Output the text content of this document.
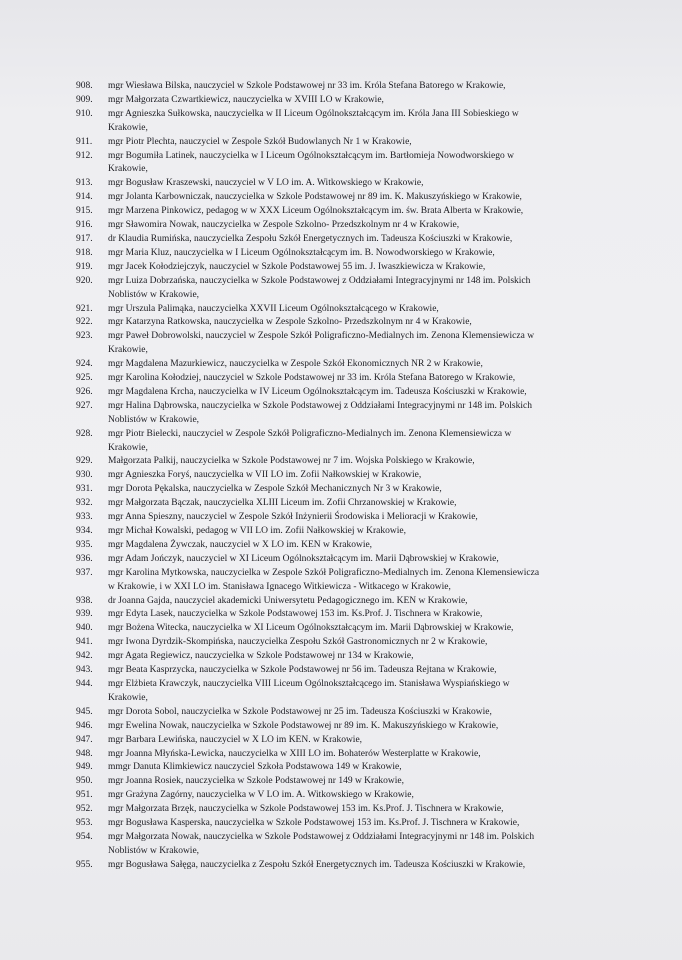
908.	mgr Wiesława Bilska, nauczyciel w Szkole Podstawowej nr 33 im. Króla Stefana Batorego w Krakowie,
909.	mgr Małgorzata Czwartkiewicz, nauczycielka w XVIII LO w Krakowie,
910.	mgr Agnieszka Sułkowska, nauczycielka w II Liceum Ogólnokształcącym im. Króla Jana III Sobieskiego w
Krakowie,
911.	mgr Piotr Plechta, nauczyciel w Zespole Szkół Budowlanych Nr 1 w Krakowie,
912.	mgr Bogumiła Latinek, nauczycielka w I Liceum Ogólnokształcącym im. Bartłomieja Nowodworskiego w
Krakowie,
913.	mgr Bogusław Kraszewski, nauczyciel w V LO im. A. Witkowskiego w Krakowie,
914.	mgr Jolanta Karbowniczak, nauczycielka w Szkole Podstawowej nr 89 im. K. Makuszyńskiego w Krakowie,
915.	mgr Marzena Pinkowicz, pedagog w w XXX Liceum Ogólnokształcącym im. św. Brata Alberta w Krakowie,
916.	mgr Sławomira Nowak, nauczycielka w Zespole Szkolno- Przedszkolnym nr 4 w Krakowie,
917.	dr Klaudia Rumińska, nauczycielka Zespołu Szkół Energetycznych im. Tadeusza Kościuszki w Krakowie,
918.	mgr Maria Kluz, nauczycielka w I Liceum Ogólnokształcącym im. B. Nowodworskiego w Krakowie,
919.	mgr Jacek Kołodziejczyk, nauczyciel w Szkole Podstawowej 55 im. J. Iwaszkiewicza w Krakowie,
920.	mgr Luiza Dobrzańska, nauczycielka w Szkole Podstawowej z Oddziałami Integracyjnymi nr 148 im. Polskich
Noblistów w Krakowie,
921.	mgr Urszula Palimąka, nauczycielka XXVII Liceum Ogólnokształcącego w Krakowie,
922.	mgr Katarzyna Ratkowska, nauczycielka w Zespole Szkolno- Przedszkolnym nr 4 w Krakowie,
923.	mgr Paweł Dobrowolski, nauczyciel w Zespole Szkół Poligraficzno-Medialnych im. Zenona Klemensiewicza w
Krakowie,
924.	mgr Magdalena Mazurkiewicz, nauczycielka w Zespole Szkół Ekonomicznych NR 2 w Krakowie,
925.	mgr Karolina Kołodziej, nauczyciel w Szkole Podstawowej nr 33 im. Króla Stefana Batorego w Krakowie,
926.	mgr Magdalena Krcha, nauczycielka w IV Liceum Ogólnokształcącym im. Tadeusza Kościuszki w Krakowie,
927.	mgr Halina Dąbrowska, nauczycielka w Szkole Podstawowej z Oddziałami Integracyjnymi nr 148 im. Polskich
Noblistów w Krakowie,
928.	mgr Piotr Bielecki, nauczyciel w Zespole Szkół Poligraficzno-Medialnych im. Zenona Klemensiewicza w
Krakowie,
929.	Małgorzata Palkij, nauczycielka w Szkole Podstawowej nr 7 im. Wojska Polskiego w Krakowie,
930.	mgr Agnieszka Foryś, nauczycielka w VII LO im. Zofii Nałkowskiej w Krakowie,
931.	mgr Dorota Pękalska, nauczycielka w Zespole Szkół Mechanicznych Nr 3 w Krakowie,
932.	mgr Małgorzata Bączak, nauczycielka XLIII Liceum im. Zofii Chrzanowskiej w Krakowie,
933.	mgr Anna Spieszny, nauczyciel w Zespole Szkół Inżynierii Środowiska i Melioracji w Krakowie,
934.	mgr Michał Kowalski, pedagog w VII LO im. Zofii Nałkowskiej w Krakowie,
935.	mgr Magdalena Żywczak, nauczyciel w X LO im. KEN w Krakowie,
936.	mgr Adam Jończyk, nauczyciel w XI Liceum Ogólnokształcącym im. Marii Dąbrowskiej w Krakowie,
937.	mgr Karolina Mytkowska, nauczycielka w Zespole Szkół Poligraficzno-Medialnych im. Zenona Klemensiewicza
w Krakowie, i w XXI LO im. Stanisława Ignacego Witkiewicza - Witkacego w Krakowie,
938.	dr Joanna Gajda, nauczyciel akademicki Uniwersytetu Pedagogicznego im. KEN w Krakowie,
939.	mgr Edyta Lasek, nauczycielka w Szkole Podstawowej 153 im. Ks.Prof. J. Tischnera w Krakowie,
940.	mgr Bożena Witecka, nauczycielka w XI Liceum Ogólnokształcącym im. Marii Dąbrowskiej w Krakowie,
941.	mgr Iwona Dyrdzik-Skompińska, nauczycielka Zespołu Szkół Gastronomicznych nr 2 w Krakowie,
942.	mgr Agata Regiewicz, nauczycielka w Szkole Podstawowej nr 134 w Krakowie,
943.	mgr Beata Kasprzycka, nauczycielka w Szkole Podstawowej nr 56 im. Tadeusza Rejtana w Krakowie,
944.	mgr Elżbieta Krawczyk, nauczycielka VIII Liceum Ogólnokształcącego im. Stanisława Wyspiańskiego w
Krakowie,
945.	mgr Dorota Sobol, nauczycielka w Szkole Podstawowej nr 25 im. Tadeusza Kościuszki w Krakowie,
946.	mgr Ewelina Nowak, nauczycielka w Szkole Podstawowej nr 89 im. K. Makuszyńskiego w Krakowie,
947.	mgr Barbara Lewińska, nauczyciel w X LO im KEN. w Krakowie,
948.	mgr Joanna Młyńska-Lewicka, nauczycielka w XIII LO im. Bohaterów Westerplatte w Krakowie,
949.	mmgr Danuta Klimkiewicz nauczyciel Szkoła Podstawowa 149 w Krakowie,
950.	mgr Joanna Rosiek, nauczycielka w Szkole Podstawowej nr 149 w Krakowie,
951.	mgr Grażyna Zagórny, nauczycielka w V LO im. A. Witkowskiego w Krakowie,
952.	mgr Małgorzata Brzęk, nauczycielka w Szkole Podstawowej 153 im. Ks.Prof. J. Tischnera w Krakowie,
953.	mgr Bogusława Kasperska, nauczycielka w Szkole Podstawowej 153 im. Ks.Prof. J. Tischnera w Krakowie,
954.	mgr Małgorzata Nowak, nauczycielka w Szkole Podstawowej z Oddziałami Integracyjnymi nr 148 im. Polskich
Noblistów w Krakowie,
955.	mgr Bogusława Sałęga, nauczycielka z Zespołu Szkół Energetycznych im. Tadeusza Kościuszki w Krakowie,
